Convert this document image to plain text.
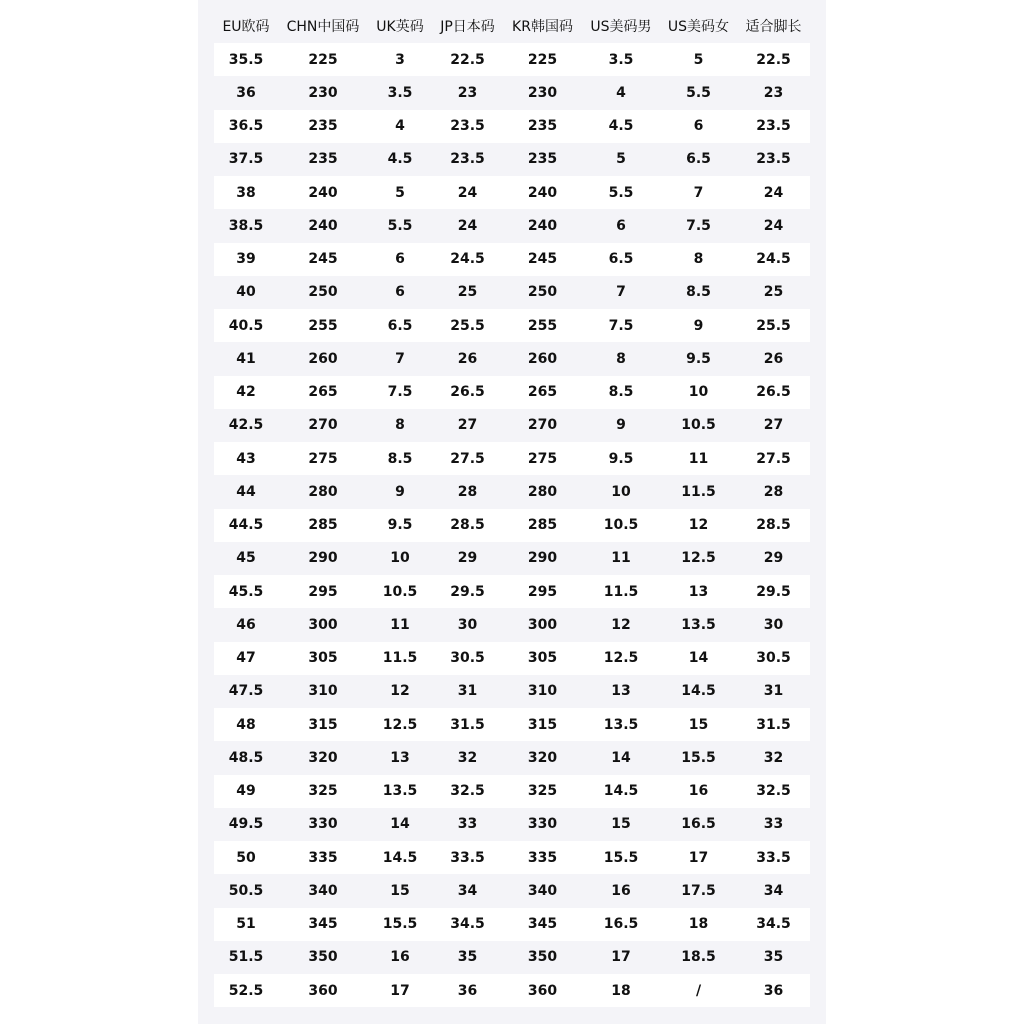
EU欧码	CHN中国码	UK英码	JP日本码	KR韩国码	US美码男	US美码女	适合脚长
35.5	225	3	22.5	225	3.5	5	22.5
36	230	3.5	23	230	4	5.5	23
36.5	235	4	23.5	235	4.5	6	23.5
37.5	235	4.5	23.5	235	5	6.5	23.5
38	240	5	24	240	5.5	7	24
38.5	240	5.5	24	240	6	7.5	24
39	245	6	24.5	245	6.5	8	24.5
40	250	6	25	250	7	8.5	25
40.5	255	6.5	25.5	255	7.5	9	25.5
41	260	7	26	260	8	9.5	26
42	265	7.5	26.5	265	8.5	10	26.5
42.5	270	8	27	270	9	10.5	27
43	275	8.5	27.5	275	9.5	11	27.5
44	280	9	28	280	10	11.5	28
44.5	285	9.5	28.5	285	10.5	12	28.5
45	290	10	29	290	11	12.5	29
45.5	295	10.5	29.5	295	11.5	13	29.5
46	300	11	30	300	12	13.5	30
47	305	11.5	30.5	305	12.5	14	30.5
47.5	310	12	31	310	13	14.5	31
48	315	12.5	31.5	315	13.5	15	31.5
48.5	320	13	32	320	14	15.5	32
49	325	13.5	32.5	325	14.5	16	32.5
49.5	330	14	33	330	15	16.5	33
50	335	14.5	33.5	335	15.5	17	33.5
50.5	340	15	34	340	16	17.5	34
51	345	15.5	34.5	345	16.5	18	34.5
51.5	350	16	35	350	17	18.5	35
52.5	360	17	36	360	18	/	36
